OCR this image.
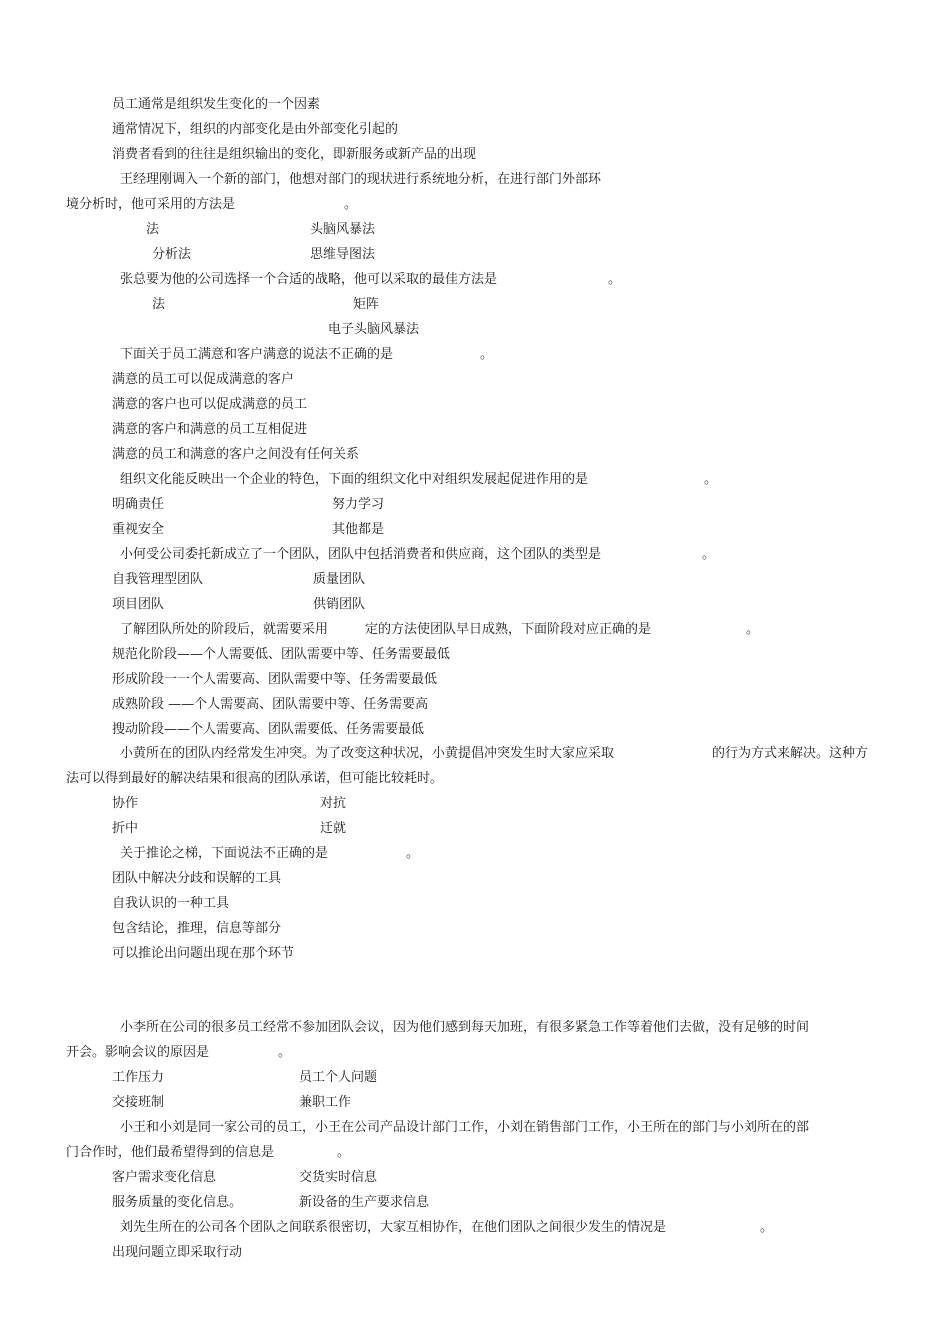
员工通常是组织发生变化的一个因素
通常情况下，组织的内部变化是由外部变化引起的
消费者看到的往往是组织输出的变化，即新服务或新产品的出现
王经理刚调入一个新的部门，他想对部门的现状进行系统地分析，在进行部门外部环
境分析时，他可采用的方法是	。
法	头脑风暴法
分析法	思维导图法
张总要为他的公司选择一个合适的战略，他可以采取的最佳方法是	。
法	矩阵
电子头脑风暴法
下面关于员工满意和客户满意的说法不正确的是	。
满意的员工可以促成满意的客户
满意的客户也可以促成满意的员工
满意的客户和满意的员工互相促进
满意的员工和满意的客户之间没有任何关系
组织文化能反映出一个企业的特色，下面的组织文化中对组织发展起促进作用的是	。
明确责任	努力学习
重视安全	其他都是
小何受公司委托新成立了一个团队，团队中包括消费者和供应商，这个团队的类型是	。
自我管理型团队	质量团队
项目团队	供销团队
了解团队所处的阶段后，就需要采用	定的方法使团队早日成熟，下面阶段对应正确的是	。
规范化阶段——个人需要低、团队需要中等、任务需要最低
形成阶段一一个人需要高、团队需要中等、任务需要最低
成熟阶段 ——个人需要高、团队需要中等、任务需要高
搜动阶段——个人需要高、团队需要低、任务需要最低
小黄所在的团队内经常发生冲突。为了改变这种状况，小黄提倡冲突发生时大家应采取	的行为方式来解决。这种方
法可以得到最好的解决结果和很高的团队承诺，但可能比较耗时。
协作	对抗
折中	迁就
关于推论之梯，下面说法不正确的是	。
团队中解决分歧和误解的工具
自我认识的一种工具
包含结论，推理，信息等部分
可以推论出问题出现在那个环节
小李所在公司的很多员工经常不参加团队会议，因为他们感到每天加班，有很多紧急工作等着他们去做，没有足够的时间
开会。影响会议的原因是	。
工作压力	员工个人问题
交接班制	兼职工作
小王和小刘是同一家公司的员工，小王在公司产品设计部门工作，小刘在销售部门工作，小王所在的部门与小刘所在的部
门合作时，他们最希望得到的信息是	。
客户需求变化信息	交货实时信息
服务质量的变化信息。	新设备的生产要求信息
刘先生所在的公司各个团队之间联系很密切，大家互相协作，在他们团队之间很少发生的情况是	。
出现问题立即采取行动
